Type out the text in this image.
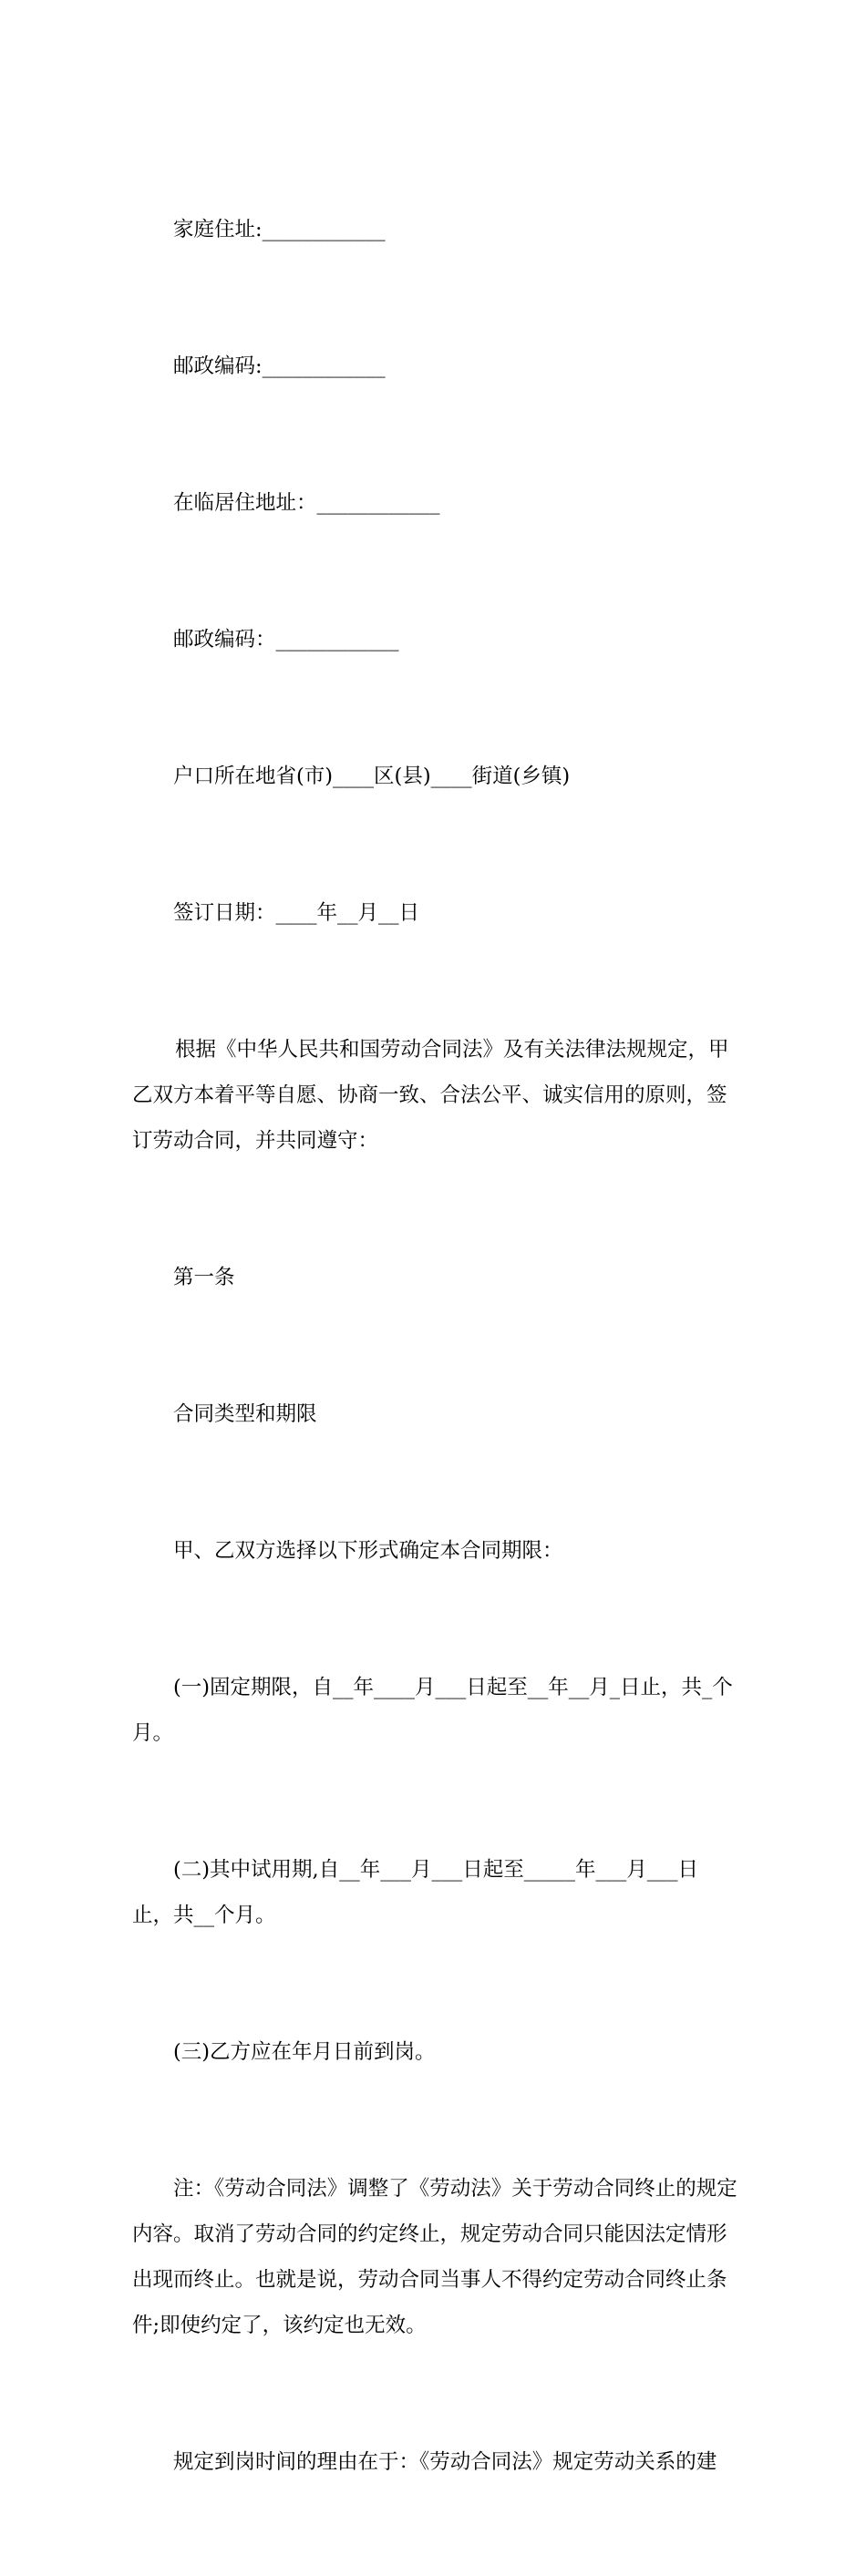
家庭住址:____________

邮政编码:____________

在临居住地址：____________

邮政编码：____________

户口所在地省(市)____区(县)____街道(乡镇)

签订日期：____年__月__日

根据《中华人民共和国劳动合同法》及有关法律法规规定，甲乙双方本着平等自愿、协商一致、合法公平、诚实信用的原则，签订劳动合同，并共同遵守：

第一条

合同类型和期限

甲、乙双方选择以下形式确定本合同期限：

(一)固定期限，自__年____月___日起至__年__月_日止，共_个月。

(二)其中试用期,自__年___月___日起至_____年___月___日止，共__个月。

(三)乙方应在年月日前到岗。

注：《劳动合同法》调整了《劳动法》关于劳动合同终止的规定内容。取消了劳动合同的约定终止，规定劳动合同只能因法定情形出现而终止。也就是说，劳动合同当事人不得约定劳动合同终止条件;即使约定了，该约定也无效。

规定到岗时间的理由在于：《劳动合同法》规定劳动关系的建
